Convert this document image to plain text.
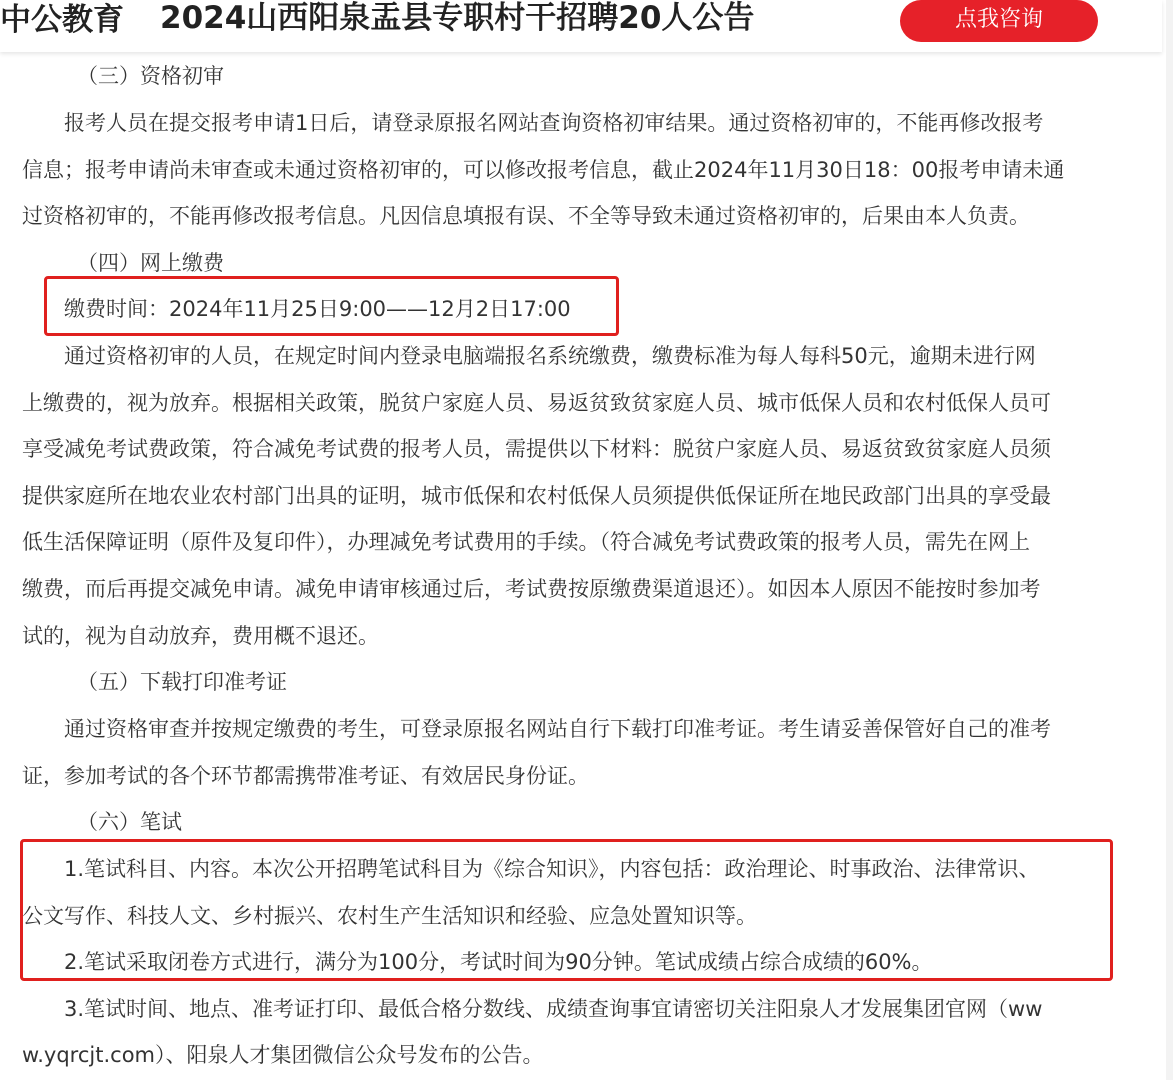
中公教育 2024山西阳泉盂县专职村干招聘20人公告	点我咨询
（三）资格初审
报考人员在提交报考申请1日后，请登录原报名网站查询资格初审结果。通过资格初审的，不能再修改报考
信息；报考申请尚未审查或未通过资格初审的，可以修改报考信息，截止2024年11月30日18：00报考申请未通
过资格初审的，不能再修改报考信息。凡因信息填报有误、不全等导致未通过资格初审的，后果由本人负责。
（四）网上缴费
缴费时间：2024年11月25日9:00——12月2日17:00
通过资格初审的人员，在规定时间内登录电脑端报名系统缴费，缴费标准为每人每科50元，逾期未进行网
上缴费的，视为放弃。根据相关政策，脱贫户家庭人员、易返贫致贫家庭人员、城市低保人员和农村低保人员可
享受减免考试费政策，符合减免考试费的报考人员，需提供以下材料：脱贫户家庭人员、易返贫致贫家庭人员须
提供家庭所在地农业农村部门出具的证明，城市低保和农村低保人员须提供低保证所在地民政部门出具的享受最
低生活保障证明（原件及复印件），办理减免考试费用的手续。（符合减免考试费政策的报考人员，需先在网上
缴费，而后再提交减免申请。减免申请审核通过后，考试费按原缴费渠道退还）。如因本人原因不能按时参加考
试的，视为自动放弃，费用概不退还。
（五）下载打印准考证
通过资格审查并按规定缴费的考生，可登录原报名网站自行下载打印准考证。考生请妥善保管好自己的准考
证，参加考试的各个环节都需携带准考证、有效居民身份证。
（六）笔试
1.笔试科目、内容。本次公开招聘笔试科目为《综合知识》，内容包括：政治理论、时事政治、法律常识、
公文写作、科技人文、乡村振兴、农村生产生活知识和经验、应急处置知识等。
2.笔试采取闭卷方式进行，满分为100分，考试时间为90分钟。笔试成绩占综合成绩的60%。
3.笔试时间、地点、准考证打印、最低合格分数线、成绩查询事宜请密切关注阳泉人才发展集团官网（ww
w.yqrcjt.com）、阳泉人才集团微信公众号发布的公告。
